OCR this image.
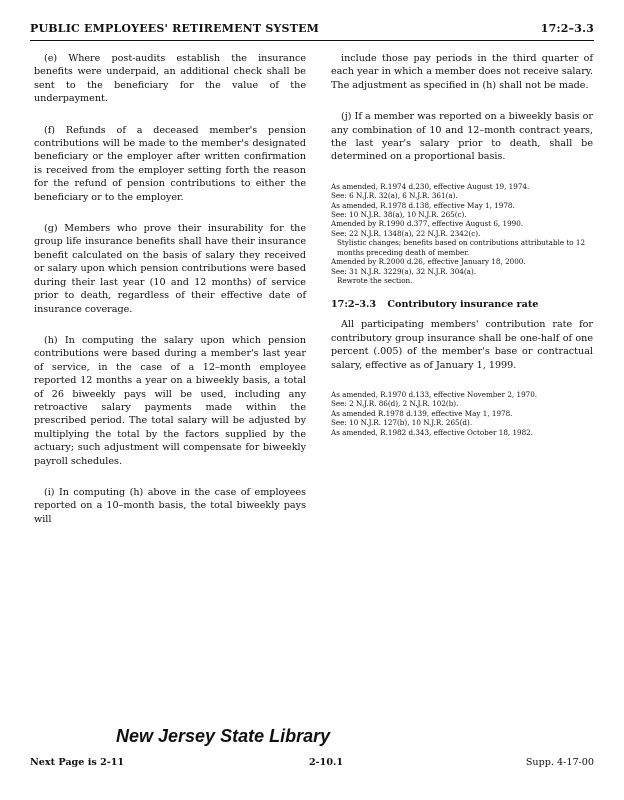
PUBLIC EMPLOYEES' RETIREMENT SYSTEM	17:2–3.3

(e) Where post-audits establish the insurance benefits were underpaid, an additional check shall be sent to the beneficiary for the value of the underpayment.

(f) Refunds of a deceased member's pension contributions will be made to the member's designated beneficiary or the employer after written confirmation is received from the employer setting forth the reason for the refund of pension contributions to either the beneficiary or to the employer.

(g) Members who prove their insurability for the group life insurance benefits shall have their insurance benefit calculated on the basis of salary they received or salary upon which pension contributions were based during their last year (10 and 12 months) of service prior to death, regardless of their effective date of insurance coverage.

(h) In computing the salary upon which pension contributions were based during a member's last year of service, in the case of a 12–month employee reported 12 months a year on a biweekly basis, a total of 26 biweekly pays will be used, including any retroactive salary payments made within the prescribed period. The total salary will be adjusted by multiplying the total by the factors supplied by the actuary; such adjustment will compensate for biweekly payroll schedules.

(i) In computing (h) above in the case of employees reported on a 10–month basis, the total biweekly pays will

include those pay periods in the third quarter of each year in which a member does not receive salary. The adjustment as specified in (h) shall not be made.

(j) If a member was reported on a biweekly basis or any combination of 10 and 12–month contract years, the last year's salary prior to death, shall be determined on a proportional basis.

As amended, R.1974 d.230, effective August 19, 1974.
See: 6 N.J.R. 32(a), 6 N.J.R. 361(a).
As amended, R.1978 d.138, effective May 1, 1978.
See: 10 N.J.R. 38(a), 10 N.J.R. 265(c).
Amended by R.1990 d.377, effective August 6, 1990.
See: 22 N.J.R. 1348(a), 22 N.J.R. 2342(c).
Stylistic changes; benefits based on contributions attributable to 12 months preceding death of member.
Amended by R.2000 d.26, effective January 18, 2000.
See: 31 N.J.R. 3229(a), 32 N.J.R. 304(a).
Rewrote the section.
17:2–3.3 Contributory insurance rate

All participating members' contribution rate for contributory group insurance shall be one-half of one percent (.005) of the member's base or contractual salary, effective as of January 1, 1999.

As amended, R.1970 d.133, effective November 2, 1970.
See: 2 N.J.R. 86(d), 2 N.J.R. 102(b).
As amended R.1978 d.139, effective May 1, 1978.
See: 10 N.J.R. 127(b), 10 N.J.R. 265(d).
As amended, R.1982 d.343, effective October 18, 1982.
New Jersey State Library
Next Page is 2-11	2-10.1	Supp. 4-17-00
